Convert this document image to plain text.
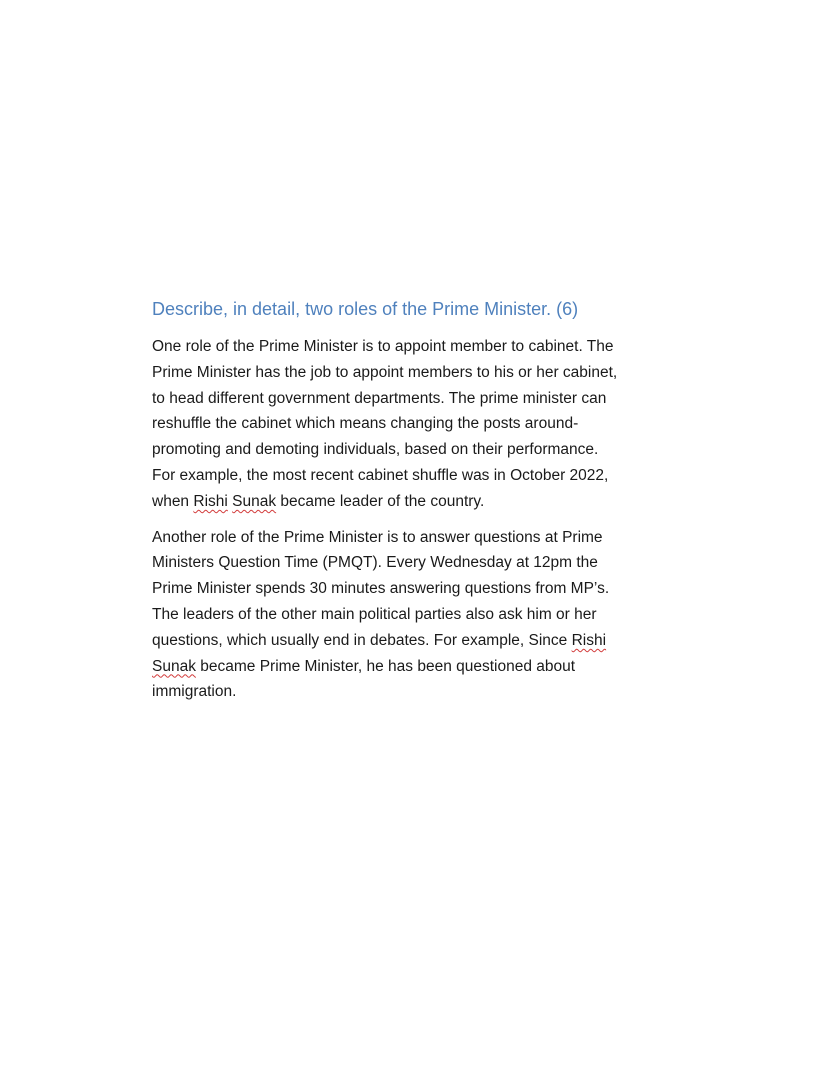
Describe, in detail, two roles of the Prime Minister. (6)

One role of the Prime Minister is to appoint member to cabinet. The
Prime Minister has the job to appoint members to his or her cabinet,
to head different government departments. The prime minister can
reshuffle the cabinet which means changing the posts around-
promoting and demoting individuals, based on their performance.
For example, the most recent cabinet shuffle was in October 2022,
when Rishi Sunak became leader of the country.

Another role of the Prime Minister is to answer questions at Prime
Ministers Question Time (PMQT). Every Wednesday at 12pm the
Prime Minister spends 30 minutes answering questions from MP’s.
The leaders of the other main political parties also ask him or her
questions, which usually end in debates. For example, Since Rishi
Sunak became Prime Minister, he has been questioned about
immigration.
